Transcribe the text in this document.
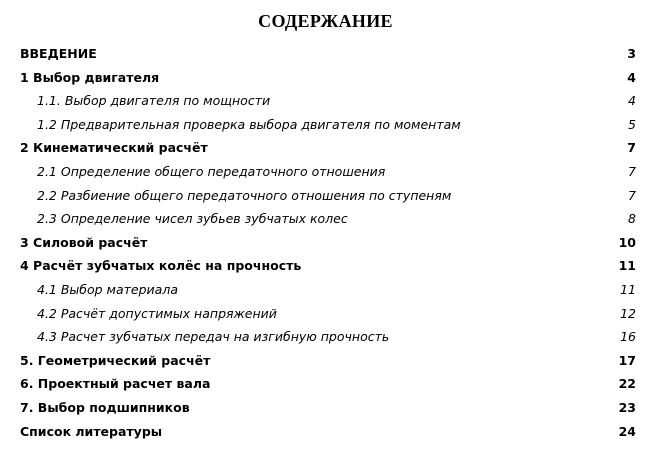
СОДЕРЖАНИЕ
ВВЕДЕНИЕ	3
1 Выбор двигателя	4
1.1. Выбор двигателя по мощности	4
1.2 Предварительная проверка выбора двигателя по моментам	5
2 Кинематический расчёт	7
2.1 Определение общего передаточного отношения	7
2.2 Разбиение общего передаточного отношения по ступеням	7
2.3 Определение чисел зубьев зубчатых колес	8
3 Силовой расчёт	10
4 Расчёт зубчатых колёс на прочность	11
4.1 Выбор материала	11
4.2 Расчёт допустимых напряжений	12
4.3 Расчет зубчатых передач на изгибную прочность	16
5. Геометрический расчёт	17
6. Проектный расчет вала	22
7. Выбор подшипников	23
Список литературы	24
